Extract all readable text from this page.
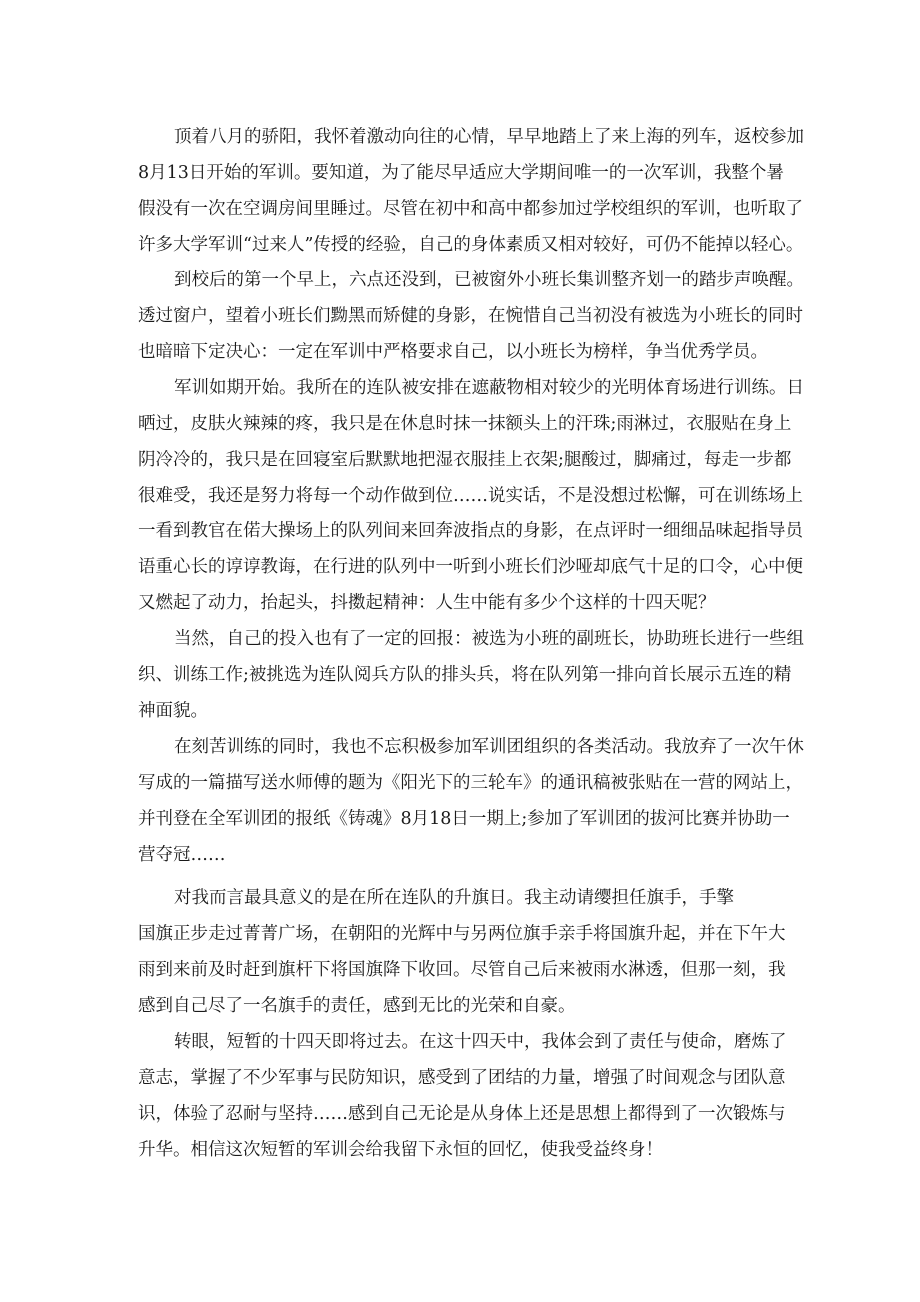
顶着八月的骄阳，我怀着激动向往的心情，早早地踏上了来上海的列车，返校参加
8月13日开始的军训。要知道，为了能尽早适应大学期间唯一的一次军训，我整个暑
假没有一次在空调房间里睡过。尽管在初中和高中都参加过学校组织的军训，也听取了
许多大学军训“过来人”传授的经验，自己的身体素质又相对较好，可仍不能掉以轻心。
到校后的第一个早上，六点还没到，已被窗外小班长集训整齐划一的踏步声唤醒。
透过窗户，望着小班长们黝黑而矫健的身影，在惋惜自己当初没有被选为小班长的同时
也暗暗下定决心：一定在军训中严格要求自己，以小班长为榜样，争当优秀学员。
军训如期开始。我所在的连队被安排在遮蔽物相对较少的光明体育场进行训练。日
晒过，皮肤火辣辣的疼，我只是在休息时抹一抹额头上的汗珠;雨淋过，衣服贴在身上
阴冷冷的，我只是在回寝室后默默地把湿衣服挂上衣架;腿酸过，脚痛过，每走一步都
很难受，我还是努力将每一个动作做到位……说实话，不是没想过松懈，可在训练场上
一看到教官在偌大操场上的队列间来回奔波指点的身影，在点评时一细细品味起指导员
语重心长的谆谆教诲，在行进的队列中一听到小班长们沙哑却底气十足的口令，心中便
又燃起了动力，抬起头，抖擞起精神：人生中能有多少个这样的十四天呢？
当然，自己的投入也有了一定的回报：被选为小班的副班长，协助班长进行一些组
织、训练工作;被挑选为连队阅兵方队的排头兵，将在队列第一排向首长展示五连的精
神面貌。
在刻苦训练的同时，我也不忘积极参加军训团组织的各类活动。我放弃了一次午休
写成的一篇描写送水师傅的题为《阳光下的三轮车》的通讯稿被张贴在一营的网站上，
并刊登在全军训团的报纸《铸魂》8月18日一期上;参加了军训团的拔河比赛并协助一
营夺冠……
对我而言最具意义的是在所在连队的升旗日。我主动请缨担任旗手，手擎
国旗正步走过菁菁广场，在朝阳的光辉中与另两位旗手亲手将国旗升起，并在下午大
雨到来前及时赶到旗杆下将国旗降下收回。尽管自己后来被雨水淋透，但那一刻，我
感到自己尽了一名旗手的责任，感到无比的光荣和自豪。
转眼，短暂的十四天即将过去。在这十四天中，我体会到了责任与使命，磨炼了
意志，掌握了不少军事与民防知识，感受到了团结的力量，增强了时间观念与团队意
识，体验了忍耐与坚持……感到自己无论是从身体上还是思想上都得到了一次锻炼与
升华。相信这次短暂的军训会给我留下永恒的回忆，使我受益终身！
